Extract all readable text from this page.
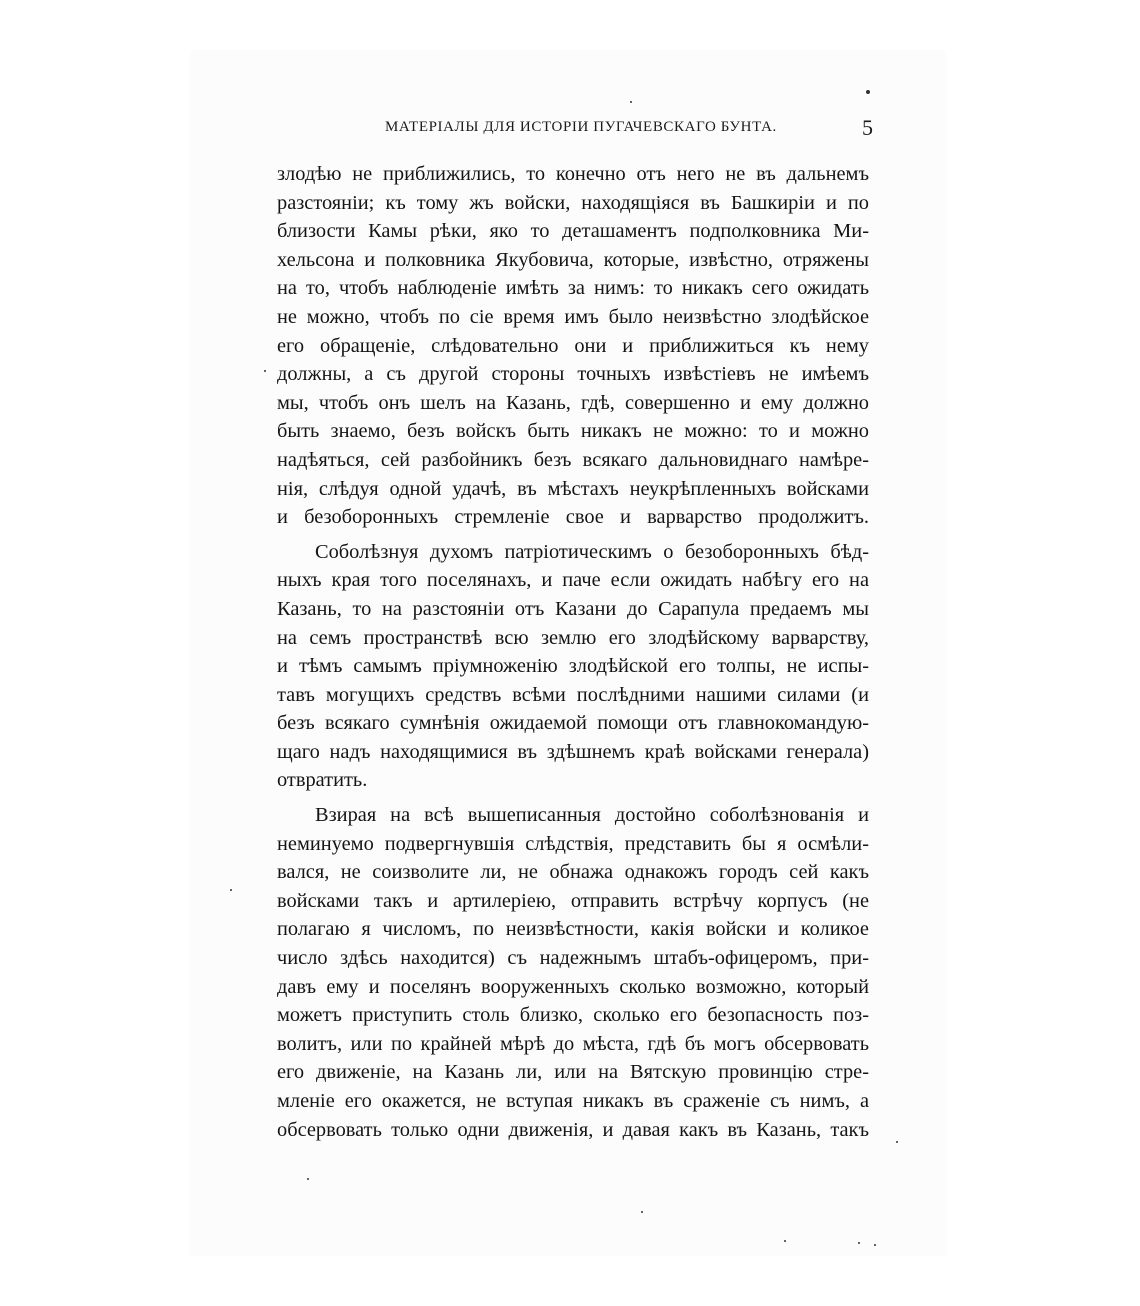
МАТЕРІАЛЫ ДЛЯ ИСТОРІИ ПУГАЧЕВСКАГО БУНТА.	5
злодѣю не приближились, то конечно отъ него не въ дальнемъ
разстояніи; къ тому жъ войски, находящіяся въ Башкиріи и по
близости Камы рѣки, яко то деташаментъ подполковника Ми-
хельсона и полковника Якубовича, которые, извѣстно, отряжены
на то, чтобъ наблюденіе имѣть за нимъ: то никакъ сего ожидать
не можно, чтобъ по сіе время имъ было неизвѣстно злодѣйское
его обращеніе, слѣдовательно они и приближиться къ нему
должны, а съ другой стороны точныхъ извѣстіевъ не имѣемъ
мы, чтобъ онъ шелъ на Казань, гдѣ, совершенно и ему должно
быть знаемо, безъ войскъ быть никакъ не можно: то и можно
надѣяться, сей разбойникъ безъ всякаго дальновиднаго намѣре-
нія, слѣдуя одной удачѣ, въ мѣстахъ неукрѣпленныхъ войсками
и безоборонныхъ стремленіе свое и варварство продолжитъ.
Соболѣзнуя духомъ патріотическимъ о безоборонныхъ бѣд-
ныхъ края того поселянахъ, и паче если ожидать набѣгу его на
Казань, то на разстояніи отъ Казани до Сарапула предаемъ мы
на семъ пространствѣ всю землю его злодѣйскому варварству,
и тѣмъ самымъ пріумноженію злодѣйской его толпы, не испы-
тавъ могущихъ средствъ всѣми послѣдними нашими силами (и
безъ всякаго сумнѣнія ожидаемой помощи отъ главнокомандую-
щаго надъ находящимися въ здѣшнемъ краѣ войсками генерала)
отвратить.
Взирая на всѣ вышеписанныя достойно соболѣзнованія и
неминуемо подвергнувшія слѣдствія, представить бы я осмѣли-
вался, не соизволите ли, не обнажа однакожъ городъ сей какъ
войсками такъ и артилеріею, отправить встрѣчу корпусъ (не
полагаю я числомъ, по неизвѣстности, какія войски и коликое
число здѣсь находится) съ надежнымъ штабъ-офицеромъ, при-
давъ ему и поселянъ вооруженныхъ сколько возможно, который
можетъ приступить столь близко, сколько его безопасность поз-
волитъ, или по крайней мѣрѣ до мѣста, гдѣ бъ могъ обсервовать
его движеніе, на Казань ли, или на Вятскую провинцію стре-
мленіе его окажется, не вступая никакъ въ сраженіе съ нимъ, а
обсервовать только одни движенія, и давая какъ въ Казань, такъ
